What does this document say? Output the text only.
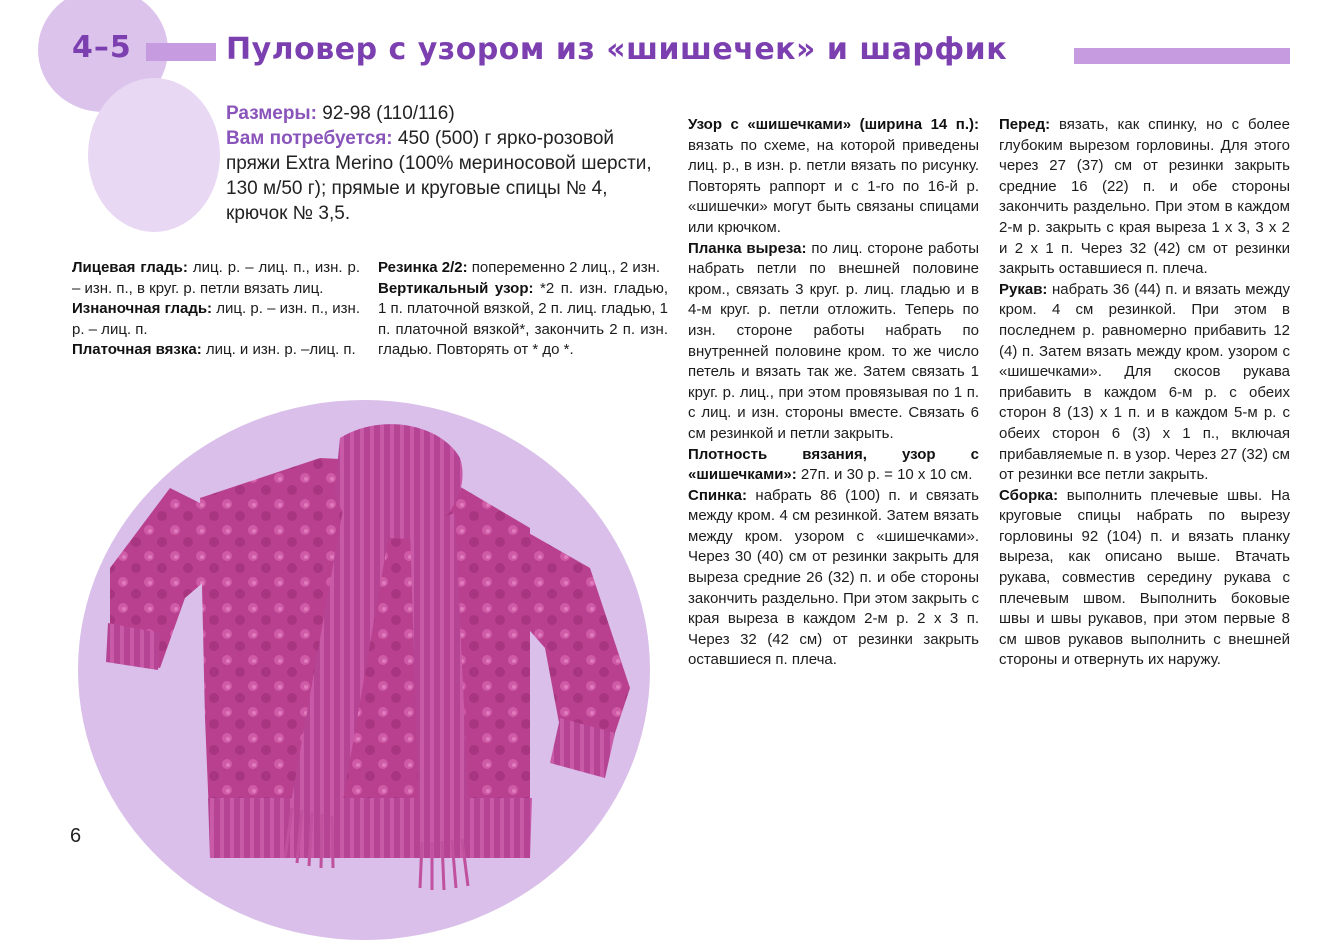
4–5	Пуловер с узором из «шишечек» и шарфик
Размеры: 92-98 (110/116)
Вам потребуется: 450 (500) г ярко-розовой пряжи Extra Merino (100% мериносовой шерсти, 130 м/50 г); прямые и круговые спицы № 4, крючок № 3,5.

Лицевая гладь: лиц. р. – лиц. п., изн. р. – изн. п., в круг. р. петли вязать лиц.

Изнаночная гладь: лиц. р. – изн. п., изн. р. – лиц. п.

Платочная вязка: лиц. и изн. р. –лиц. п.

Резинка 2/2: попеременно 2 лиц., 2 изн.

Вертикальный узор: *2 п. изн. гладью, 1 п. платочной вязкой, 2 п. лиц. гладью, 1 п. платочной вязкой*, закончить 2 п. изн. гладью. Повторять от * до *.

Узор с «шишечками» (ширина 14 п.): вязать по схеме, на которой приведены лиц. р., в изн. р. петли вязать по рисунку. Повторять раппорт и с 1-го по 16-й р. «шишечки» могут быть связаны спицами или крючком.

Планка выреза: по лиц. стороне работы набрать петли по внешней половине кром., связать 3 круг. р. лиц. гладью и в 4-м круг. р. петли отложить. Теперь по изн. стороне работы набрать по внутренней половине кром. то же число петель и вязать так же. Затем связать 1 круг. р. лиц., при этом провязывая по 1 п. с лиц. и изн. стороны вместе. Связать 6 см резинкой и петли закрыть.

Плотность вязания, узор с «шишечками»: 27п. и 30 р. = 10 х 10 см.

Спинка: набрать 86 (100) п. и связать между кром. 4 см резинкой. Затем вязать между кром. узором с «шишечками». Через 30 (40) см от резинки закрыть для выреза средние 26 (32) п. и обе стороны закончить раздельно. При этом закрыть с края выреза в каждом 2-м р. 2 х 3 п. Через 32 (42 см) от резинки закрыть оставшиеся п. плеча.

Перед: вязать, как спинку, но с более глубоким вырезом горловины. Для этого через 27 (37) см от резинки закрыть средние 16 (22) п. и обе стороны закончить раздельно. При этом в каждом 2-м р. закрыть с края выреза 1 х 3, 3 х 2 и 2 х 1 п. Через 32 (42) см от резинки закрыть оставшиеся п. плеча.

Рукав: набрать 36 (44) п. и вязать между кром. 4 см резинкой. При этом в последнем р. равномерно прибавить 12 (4) п. Затем вязать между кром. узором с «шишечками». Для скосов рукава прибавить в каждом 6-м р. с обеих сторон 8 (13) х 1 п. и в каждом 5-м р. с обеих сторон 6 (3) х 1 п., включая прибавляемые п. в узор. Через 27 (32) см от резинки все петли закрыть.

Сборка: выполнить плечевые швы. На круговые спицы набрать по вырезу горловины 92 (104) п. и вязать планку выреза, как описано выше. Втачать рукава, совместив середину рукава с плечевым швом. Выполнить боковые швы и швы рукавов, при этом первые 8 см швов рукавов выполнить с внешней стороны и отвернуть их наружу.

6
